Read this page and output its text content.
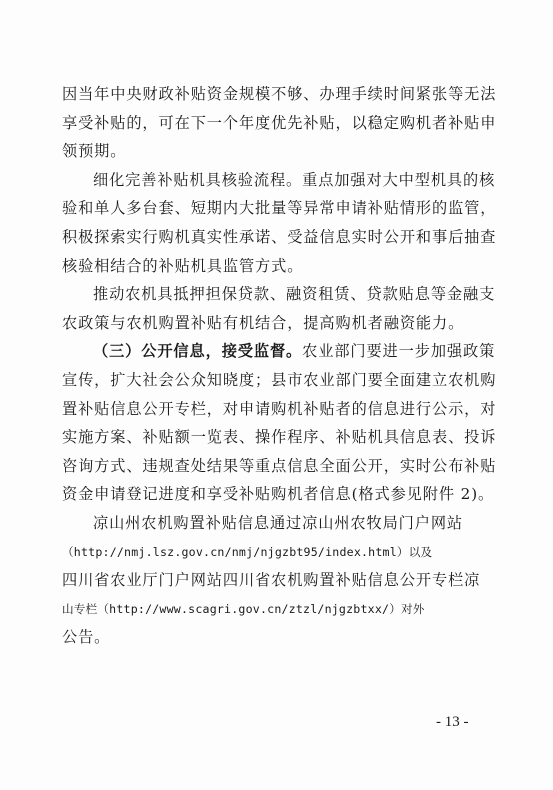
因当年中央财政补贴资金规模不够、办理手续时间紧张等无法
享受补贴的，可在下一个年度优先补贴，以稳定购机者补贴申
领预期。
细化完善补贴机具核验流程。重点加强对大中型机具的核
验和单人多台套、短期内大批量等异常申请补贴情形的监管，
积极探索实行购机真实性承诺、受益信息实时公开和事后抽查
核验相结合的补贴机具监管方式。
推动农机具抵押担保贷款、融资租赁、贷款贴息等金融支
农政策与农机购置补贴有机结合，提高购机者融资能力。
（三）公开信息，接受监督。农业部门要进一步加强政策
宣传，扩大社会公众知晓度；县市农业部门要全面建立农机购
置补贴信息公开专栏，对申请购机补贴者的信息进行公示，对
实施方案、补贴额一览表、操作程序、补贴机具信息表、投诉
咨询方式、违规查处结果等重点信息全面公开，实时公布补贴
资金申请登记进度和享受补贴购机者信息(格式参见附件 2)。
凉山州农机购置补贴信息通过凉山州农牧局门户网站
（http://nmj.lsz.gov.cn/nmj/njgzbt95/index.html）以及
四川省农业厅门户网站四川省农机购置补贴信息公开专栏凉
山专栏（http://www.scagri.gov.cn/ztzl/njgzbtxx/）对外
公告。
- 13 -
